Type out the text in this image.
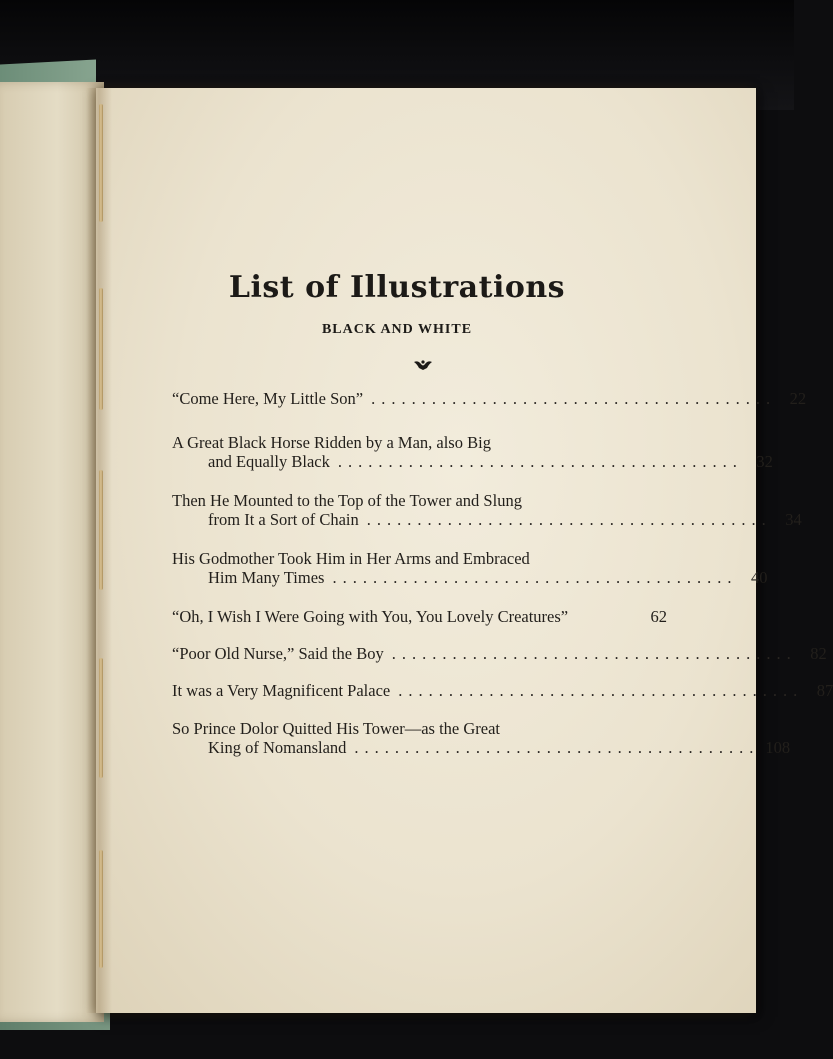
List of Illustrations
BLACK AND WHITE
“Come Here, My Little Son” ........................................ 22
A Great Black Horse Ridden by a Man, also Big
and Equally Black ........................................ 32
Then He Mounted to the Top of the Tower and Slung
from It a Sort of Chain ........................................ 34
His Godmother Took Him in Her Arms and Embraced
Him Many Times ........................................ 40
“Oh, I Wish I Were Going with You, You Lovely Creatures”	62
“Poor Old Nurse,” Said the Boy ........................................ 82
It was a Very Magnificent Palace ........................................ 87
So Prince Dolor Quitted His Tower—as the Great
King of Nomansland ........................................ 108
